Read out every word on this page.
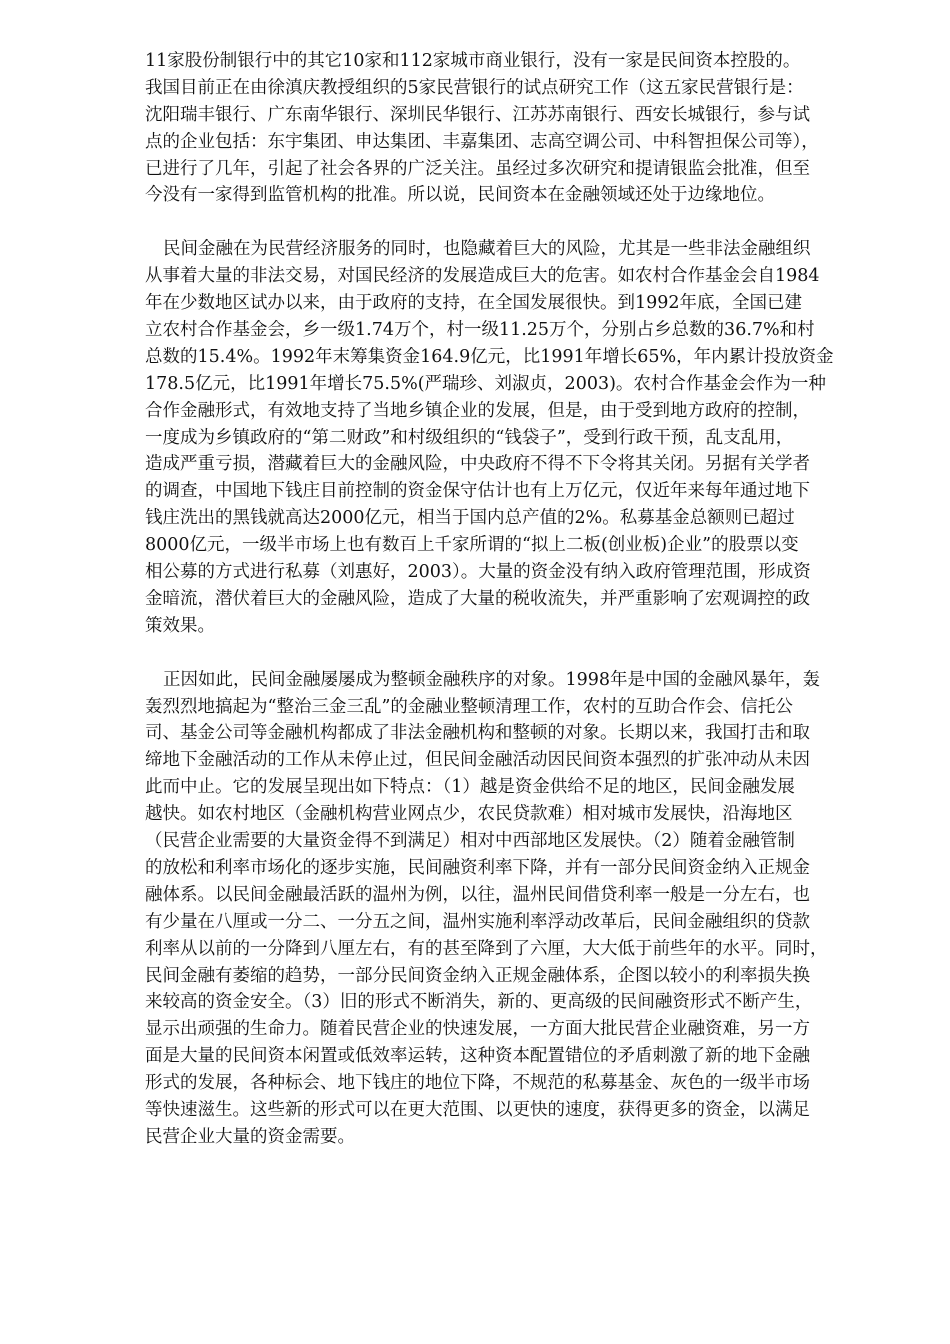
11家股份制银行中的其它10家和112家城市商业银行，没有一家是民间资本控股的。
我国目前正在由徐滇庆教授组织的5家民营银行的试点研究工作（这五家民营银行是：
沈阳瑞丰银行、广东南华银行、深圳民华银行、江苏苏南银行、西安长城银行，参与试
点的企业包括：东宇集团、申达集团、丰嘉集团、志高空调公司、中科智担保公司等），
已进行了几年，引起了社会各界的广泛关注。虽经过多次研究和提请银监会批准，但至
今没有一家得到监管机构的批准。所以说，民间资本在金融领域还处于边缘地位。
民间金融在为民营经济服务的同时，也隐藏着巨大的风险，尤其是一些非法金融组织
从事着大量的非法交易，对国民经济的发展造成巨大的危害。如农村合作基金会自1984
年在少数地区试办以来，由于政府的支持，在全国发展很快。到1992年底，全国已建
立农村合作基金会，乡一级1.74万个，村一级11.25万个，分别占乡总数的36.7%和村
总数的15.4%。1992年末筹集资金164.9亿元，比1991年增长65%，年内累计投放资金
178.5亿元，比1991年增长75.5%(严瑞珍、刘淑贞，2003)。农村合作基金会作为一种
合作金融形式，有效地支持了当地乡镇企业的发展，但是，由于受到地方政府的控制，
一度成为乡镇政府的“第二财政”和村级组织的“钱袋子”，受到行政干预，乱支乱用，
造成严重亏损，潜藏着巨大的金融风险，中央政府不得不下令将其关闭。另据有关学者
的调查，中国地下钱庄目前控制的资金保守估计也有上万亿元，仅近年来每年通过地下
钱庄洗出的黑钱就高达2000亿元，相当于国内总产值的2%。私募基金总额则已超过
8000亿元，一级半市场上也有数百上千家所谓的“拟上二板(创业板)企业”的股票以变
相公募的方式进行私募（刘惠好，2003）。大量的资金没有纳入政府管理范围，形成资
金暗流，潜伏着巨大的金融风险，造成了大量的税收流失，并严重影响了宏观调控的政
策效果。
正因如此，民间金融屡屡成为整顿金融秩序的对象。1998年是中国的金融风暴年，轰
轰烈烈地搞起为“整治三金三乱”的金融业整顿清理工作，农村的互助合作会、信托公
司、基金公司等金融机构都成了非法金融机构和整顿的对象。长期以来，我国打击和取
缔地下金融活动的工作从未停止过，但民间金融活动因民间资本强烈的扩张冲动从未因
此而中止。它的发展呈现出如下特点：（1）越是资金供给不足的地区，民间金融发展
越快。如农村地区（金融机构营业网点少，农民贷款难）相对城市发展快，沿海地区
（民营企业需要的大量资金得不到满足）相对中西部地区发展快。（2）随着金融管制
的放松和利率市场化的逐步实施，民间融资利率下降，并有一部分民间资金纳入正规金
融体系。以民间金融最活跃的温州为例，以往，温州民间借贷利率一般是一分左右，也
有少量在八厘或一分二、一分五之间，温州实施利率浮动改革后，民间金融组织的贷款
利率从以前的一分降到八厘左右，有的甚至降到了六厘，大大低于前些年的水平。同时，
民间金融有萎缩的趋势，一部分民间资金纳入正规金融体系，企图以较小的利率损失换
来较高的资金安全。（3）旧的形式不断消失，新的、更高级的民间融资形式不断产生，
显示出顽强的生命力。随着民营企业的快速发展，一方面大批民营企业融资难，另一方
面是大量的民间资本闲置或低效率运转，这种资本配置错位的矛盾刺激了新的地下金融
形式的发展，各种标会、地下钱庄的地位下降，不规范的私募基金、灰色的一级半市场
等快速滋生。这些新的形式可以在更大范围、以更快的速度，获得更多的资金，以满足
民营企业大量的资金需要。
